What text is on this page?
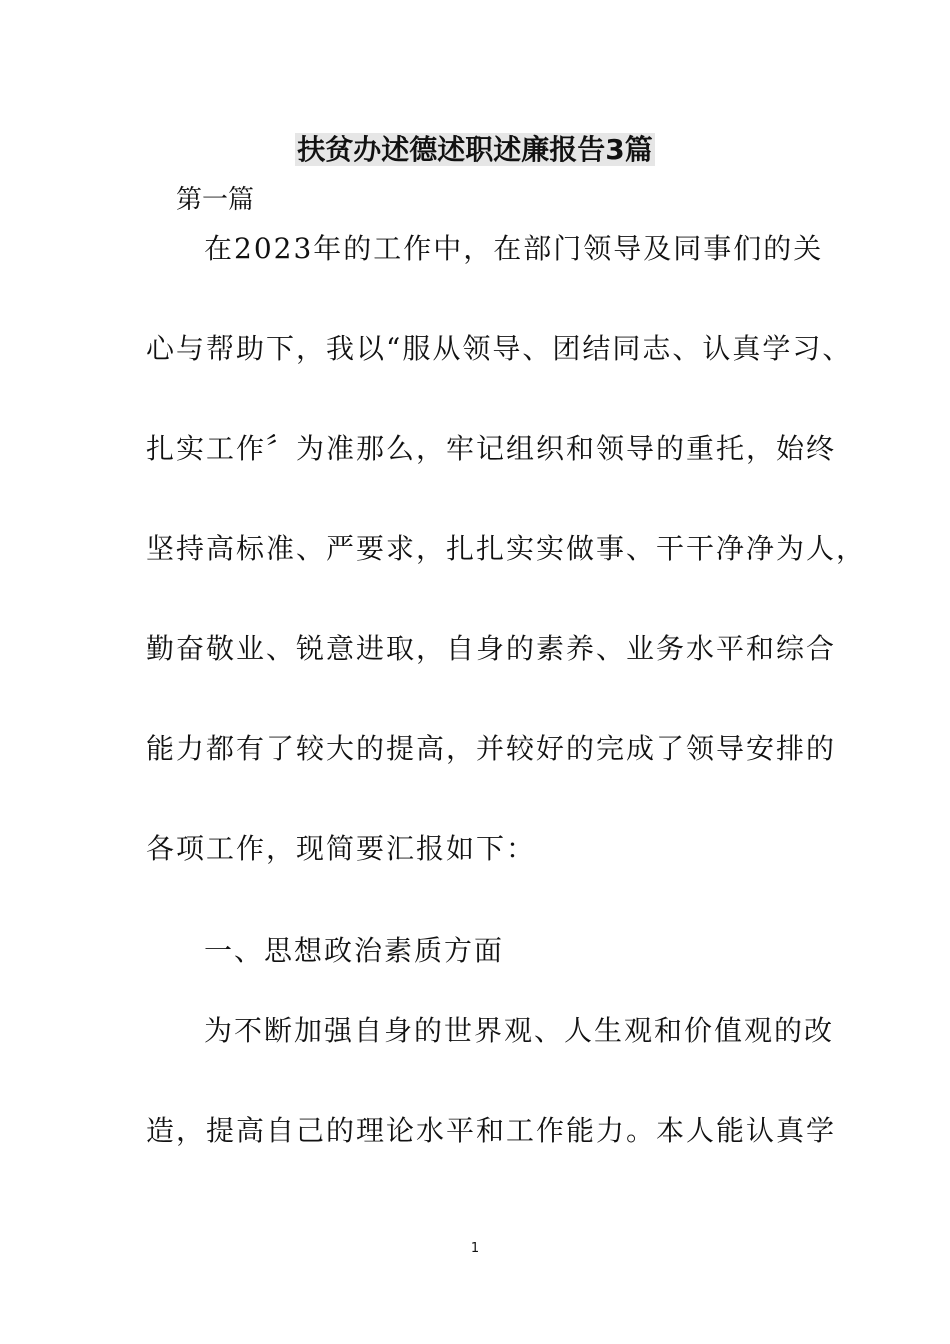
扶贫办述德述职述廉报告3篇
第一篇
在2023年的工作中，在部门领导及同事们的关
心与帮助下，我以“服从领导、团结同志、认真学习、
扎实工作〞为准那么，牢记组织和领导的重托，始终
坚持高标准、严要求，扎扎实实做事、干干净净为人，
勤奋敬业、锐意进取，自身的素养、业务水平和综合
能力都有了较大的提高，并较好的完成了领导安排的
各项工作，现简要汇报如下：
一、思想政治素质方面
为不断加强自身的世界观、人生观和价值观的改
造，提高自己的理论水平和工作能力。本人能认真学
1
